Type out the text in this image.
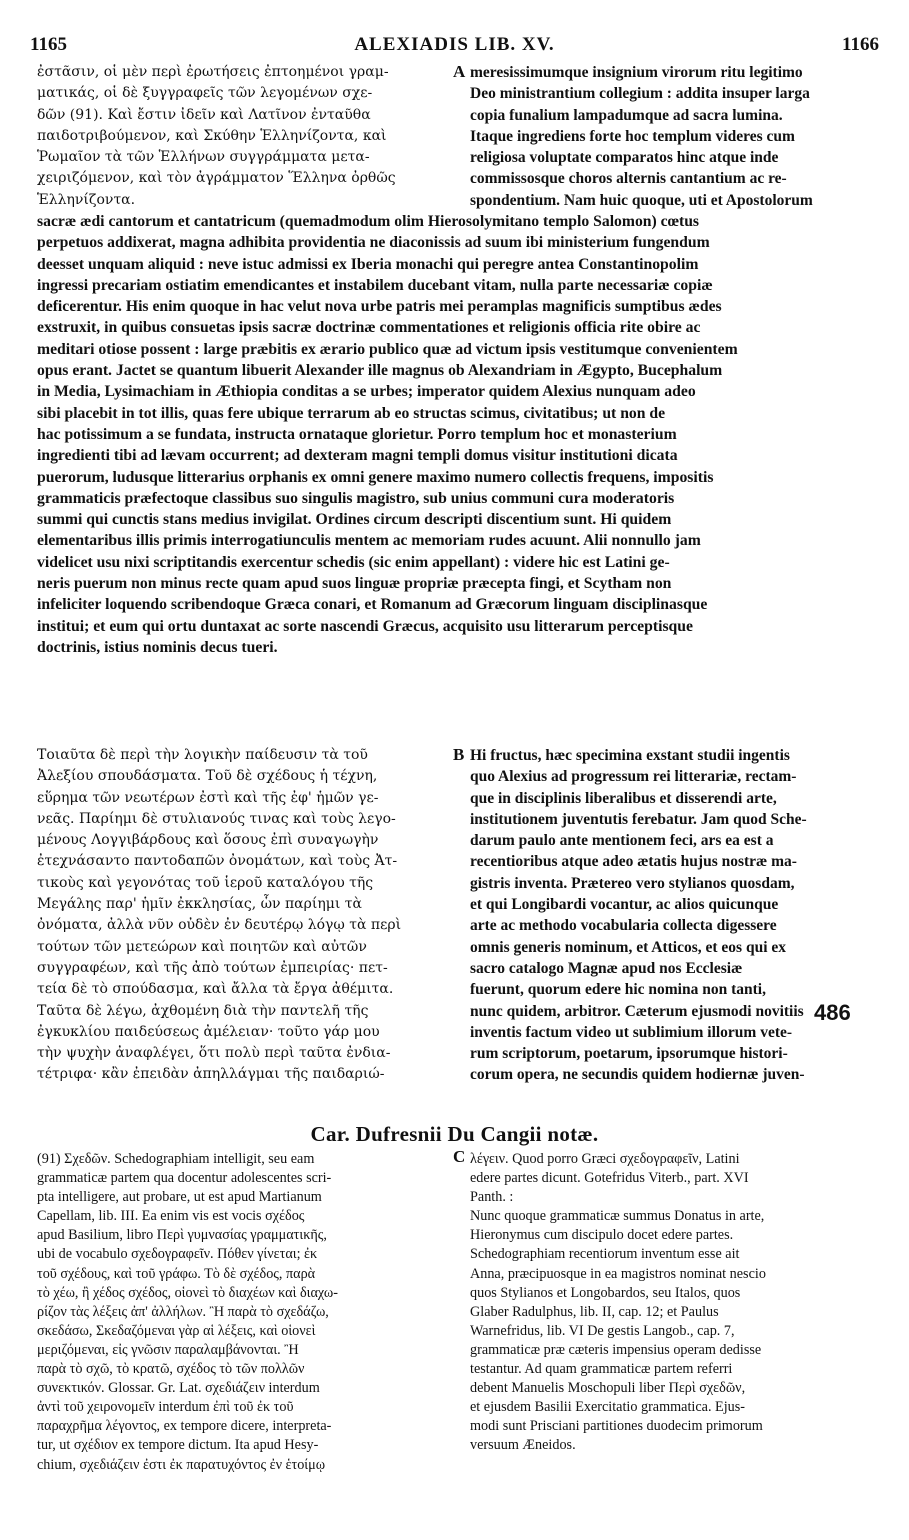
1165	ALEXIADIS LIB. XV.	1166
ἐστᾶσιν, οἱ μὲν περὶ ἐρωτήσεις ἐπτοημένοι γραμ-
ματικάς, οἱ δὲ ξυγγραφεῖς τῶν λεγομένων σχε-
δῶν (91). Καὶ ἔστιν ἰδεῖν καὶ Λατῖνον ἐνταῦθα
παιδοτριβούμενον, καὶ Σκύθην Ἑλληνίζοντα, καὶ
Ῥωμαῖον τὰ τῶν Ἑλλήνων συγγράμματα μετα-
χειριζόμενον, καὶ τὸν ἀγράμματον Ἕλληνα ὀρθῶς
Ἑλληνίζοντα.
A meresissimumque insignium virorum ritu legitimo
Deo ministrantium collegium : addita insuper larga
copia funalium lampadumque ad sacra lumina.
Itaque ingrediens forte hoc templum videres cum
religiosa voluptate comparatos hinc atque inde
commissosque choros alternis cantantium ac re-
spondentium. Nam huic quoque, uti et Apostolorum
sacræ ædi cantorum et cantatricum (quemadmodum olim Hierosolymitano templo Salomon) cœtus
perpetuos addixerat, magna adhibita providentia ne diaconissis ad suum ibi ministerium fungendum
deesset unquam aliquid : neve istuc admissi ex Iberia monachi qui peregre antea Constantinopolim
ingressi precariam ostiatim emendicantes et instabilem ducebant vitam, nulla parte necessariæ copiæ
deficerentur. His enim quoque in hac velut nova urbe patris mei peramplas magnificis sumptibus ædes
exstruxit, in quibus consuetas ipsis sacræ doctrinæ commentationes et religionis officia rite obire ac
meditari otiose possent : large præbitis ex ærario publico quæ ad victum ipsis vestitumque convenientem
opus erant. Jactet se quantum libuerit Alexander ille magnus ob Alexandriam in Ægypto, Bucephalum
in Media, Lysimachiam in Æthiopia conditas a se urbes; imperator quidem Alexius nunquam adeo
sibi placebit in tot illis, quas fere ubique terrarum ab eo structas scimus, civitatibus; ut non de
hac potissimum a se fundata, instructa ornataque glorietur. Porro templum hoc et monasterium
ingredienti tibi ad lævam occurrent; ad dexteram magni templi domus visitur institutioni dicata
puerorum, ludusque litterarius orphanis ex omni genere maximo numero collectis frequens, impositis
grammaticis præfectoque classibus suo singulis magistro, sub unius communi cura moderatoris
summi qui cunctis stans medius invigilat. Ordines circum descripti discentium sunt. Hi quidem
elementaribus illis primis interrogatiunculis mentem ac memoriam rudes acuunt. Alii nonnullo jam
videlicet usu nixi scriptitandis exercentur schedis (sic enim appellant) : videre hic est Latini ge-
neris puerum non minus recte quam apud suos linguæ propriæ præcepta fingi, et Scytham non
infeliciter loquendo scribendoque Græca conari, et Romanum ad Græcorum linguam disciplinasque
institui; et eum qui ortu duntaxat ac sorte nascendi Græcus, acquisito usu litterarum perceptisque
doctrinis, istius nominis decus tueri.
Τοιαῦτα δὲ περὶ τὴν λογικὴν παίδευσιν τὰ τοῦ
Ἀλεξίου σπουδάσματα. Τοῦ δὲ σχέδους ἡ τέχνη,
εὕρημα τῶν νεωτέρων ἐστὶ καὶ τῆς ἐφ' ἡμῶν γε-
νεᾶς. Παρίημι δὲ στυλιανούς τινας καὶ τοὺς λεγο-
μένους Λογγιβάρδους καὶ ὅσους ἐπὶ συναγωγὴν
ἐτεχνάσαντο παντοδαπῶν ὀνομάτων, καὶ τοὺς Ἀτ-
τικοὺς καὶ γεγονότας τοῦ ἱεροῦ καταλόγου τῆς
Μεγάλης παρ' ἡμῖν ἐκκλησίας, ὧν παρίημι τὰ
ὀνόματα, ἀλλὰ νῦν οὐδὲν ἐν δευτέρῳ λόγῳ τὰ περὶ
τούτων τῶν μετεώρων καὶ ποιητῶν καὶ αὐτῶν
συγγραφέων, καὶ τῆς ἀπὸ τούτων ἐμπειρίας· πετ-
τεία δὲ τὸ σπούδασμα, καὶ ἄλλα τὰ ἔργα ἀθέμιτα.
Ταῦτα δὲ λέγω, ἀχθομένη διὰ τὴν παντελῆ τῆς
ἐγκυκλίου παιδεύσεως ἀμέλειαν· τοῦτο γάρ μου
τὴν ψυχὴν ἀναφλέγει, ὅτι πολὺ περὶ ταῦτα ἐνδια-
τέτριφα· κἂν ἐπειδὰν ἀπηλλάγμαι τῆς παιδαριώ-
B Hi fructus, hæc specimina exstant studii ingentis
quo Alexius ad progressum rei litterariæ, rectam-
que in disciplinis liberalibus et disserendi arte,
institutionem juventutis ferebatur. Jam quod Sche-
darum paulo ante mentionem feci, ars ea est a
recentioribus atque adeo ætatis hujus nostræ ma-
gistris inventa. Prætereo vero stylianos quosdam,
et qui Longibardi vocantur, ac alios quicunque
arte ac methodo vocabularia collecta digessere
omnis generis nominum, et Atticos, et eos qui ex
sacro catalogo Magnæ apud nos Ecclesiæ
fuerunt, quorum edere hic nomina non tanti,
nunc quidem, arbitror. Cæterum ejusmodi novitiis
inventis factum video ut sublimium illorum vete-
rum scriptorum, poetarum, ipsorumque histori-
corum opera, ne secundis quidem hodiernæ juven-
486
Car. Dufresnii Du Cangii notæ.
(91) Σχεδῶν. Schedographiam intelligit, seu eam
grammaticæ partem qua docentur adolescentes scri-
pta intelligere, aut probare, ut est apud Martianum
Capellam, lib. III. Ea enim vis est vocis σχέδος
apud Basilium, libro Περὶ γυμνασίας γραμματικῆς,
ubi de vocabulo σχεδογραφεῖν. Πόθεν γίνεται; ἐκ
τοῦ σχέδους, καὶ τοῦ γράφω. Τὸ δὲ σχέδος, παρὰ
τὸ χέω, ἢ χέδος σχέδος, οἱονεὶ τὸ διαχέων καὶ διαχω-
ρίζον τὰς λέξεις ἀπ' ἀλλήλων. Ἢ παρὰ τὸ σχεδάζω,
σκεδάσω, Σκεδαζόμεναι γὰρ αἱ λέξεις, καὶ οἱονεὶ
μεριζόμεναι, εἰς γνῶσιν παραλαμβάνονται. Ἢ
παρὰ τὸ σχῶ, τὸ κρατῶ, σχέδος τὸ τῶν πολλῶν
συνεκτικόν. Glossar. Gr. Lat. σχεδιάζειν interdum
ἀντὶ τοῦ χειρονομεῖν interdum ἐπὶ τοῦ ἐκ τοῦ
παραχρῆμα λέγοντος, ex tempore dicere, interpreta-
tur, ut σχέδιον ex tempore dictum. Ita apud Hesy-
chium, σχεδιάζειν ἐστι ἐκ παρατυχόντος ἐν ἑτοίμῳ
C λέγειν. Quod porro Græci σχεδογραφεῖν, Latini
edere partes dicunt. Gotefridus Viterb., part. XVI
Panth. :
Nunc quoque grammaticæ summus Donatus in arte,
Hieronymus cum discipulo docet edere partes.
Schedographiam recentiorum inventum esse ait
Anna, præcipuosque in ea magistros nominat nescio
quos Stylianos et Longobardos, seu Italos, quos
Glaber Radulphus, lib. II, cap. 12; et Paulus
Warnefridus, lib. VI De gestis Langob., cap. 7,
grammaticæ præ cæteris impensius operam dedisse
testantur. Ad quam grammaticæ partem referri
debent Manuelis Moschopuli liber Περὶ σχεδῶν,
et ejusdem Basilii Exercitatio grammatica. Ejus-
modi sunt Prisciani partitiones duodecim primorum
versuum Æneidos.
